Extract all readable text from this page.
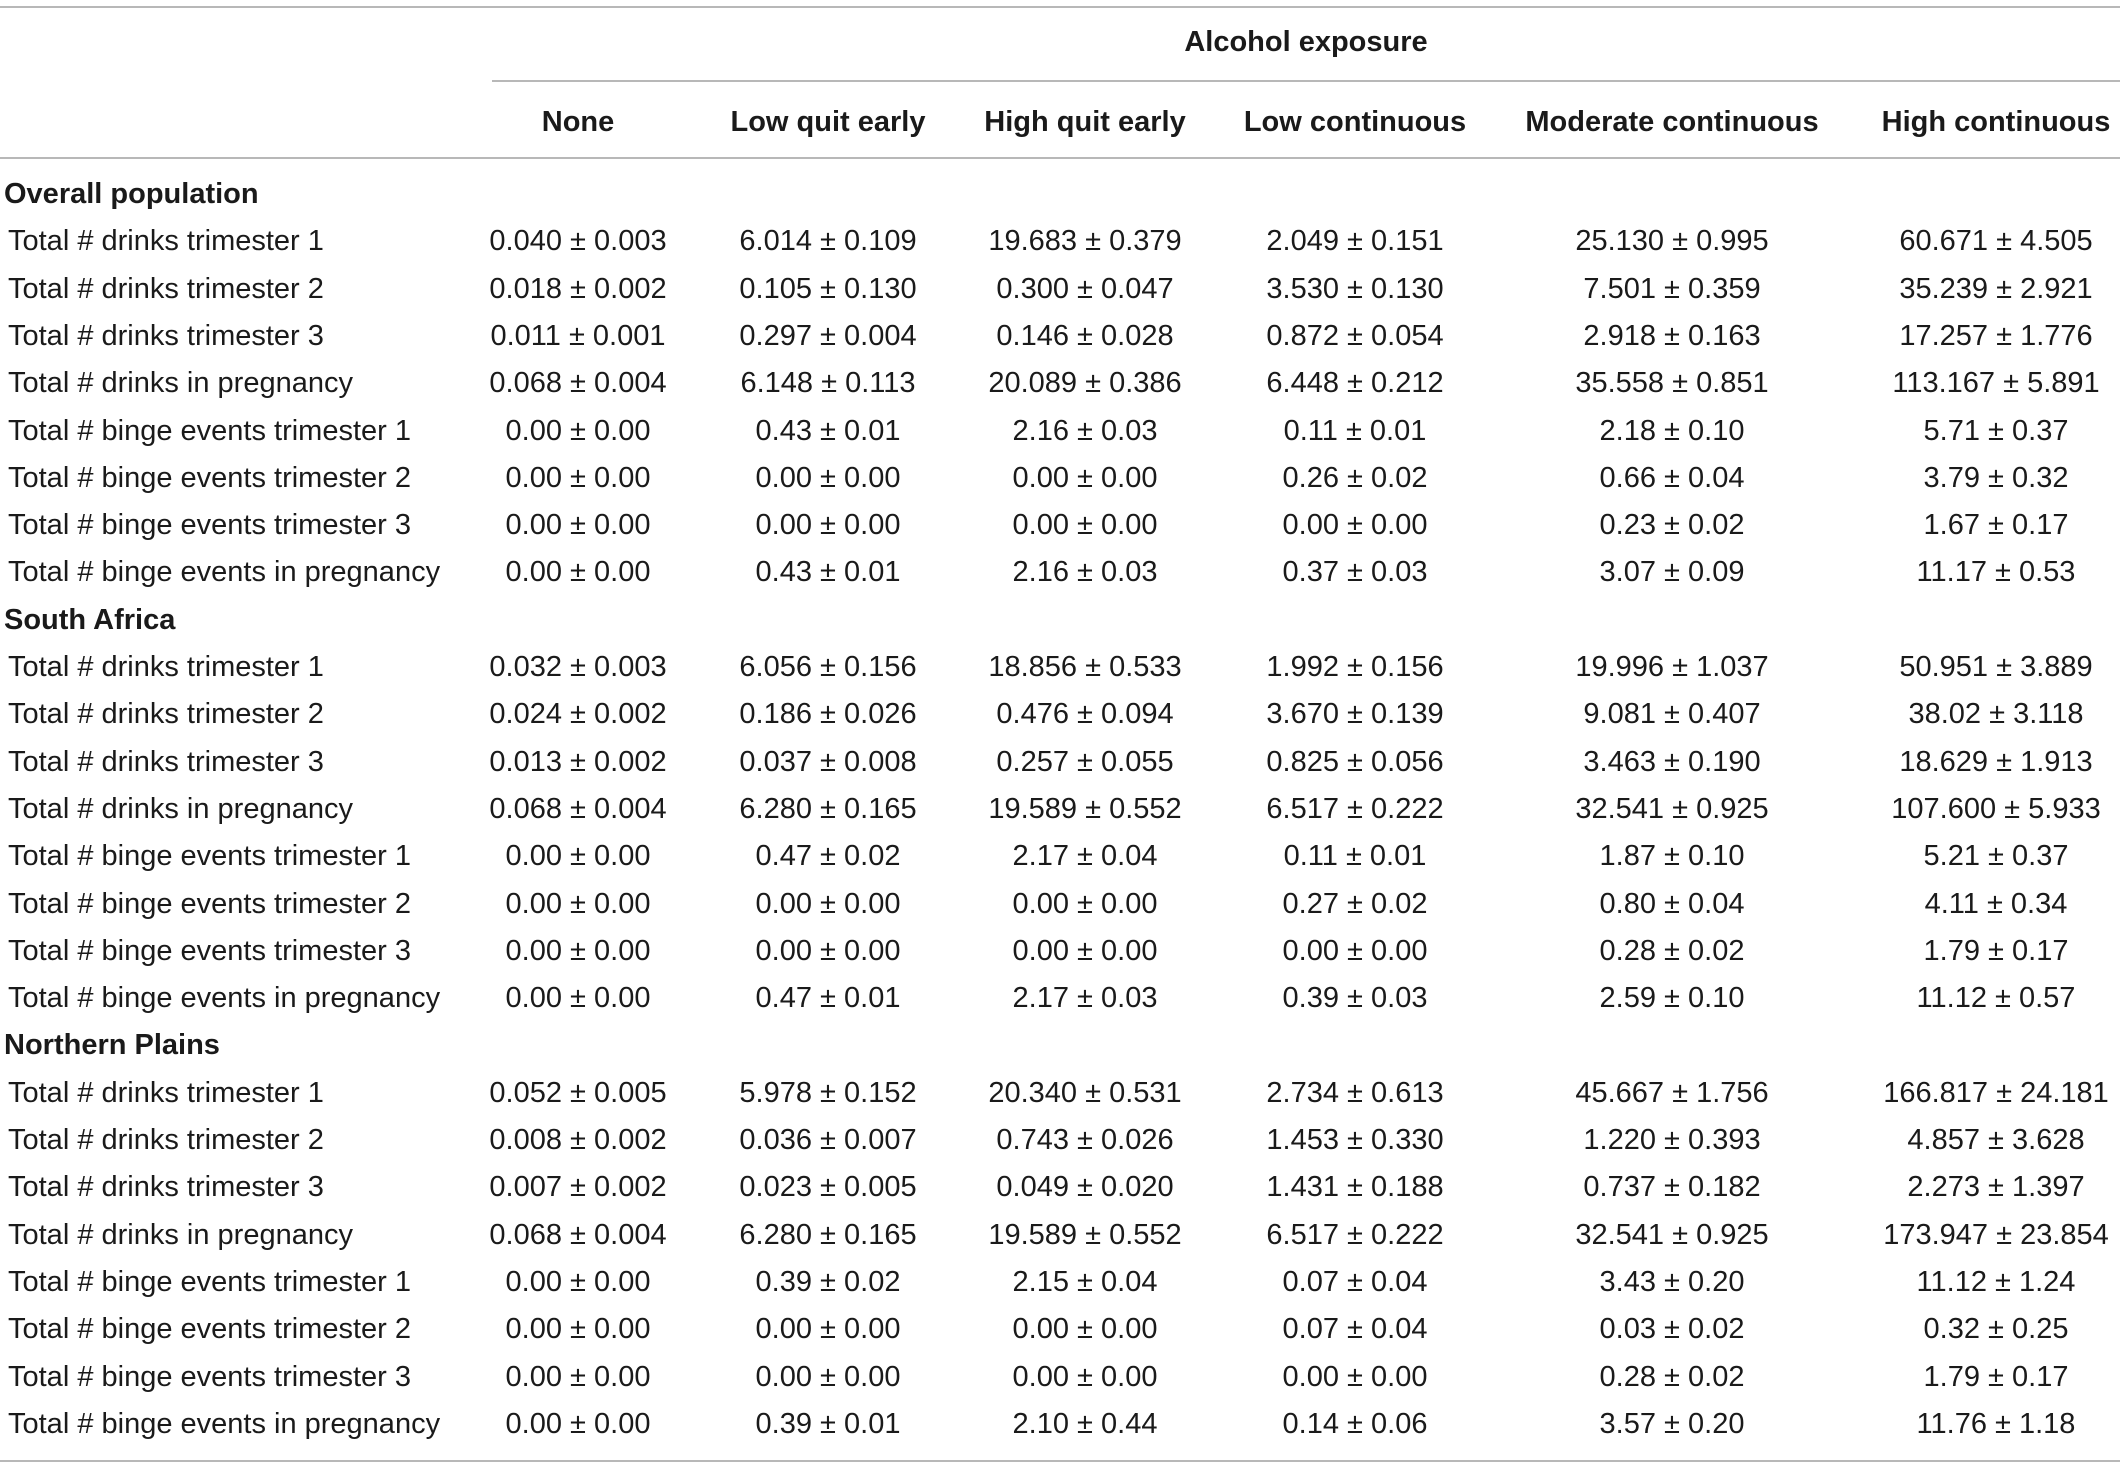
Alcohol exposure
None	Low quit early	High quit early	Low continuous	Moderate continuous	High continuous
Overall population
Total # drinks trimester 1	0.040 ± 0.003	6.014 ± 0.109	19.683 ± 0.379	2.049 ± 0.151	25.130 ± 0.995	60.671 ± 4.505
Total # drinks trimester 2	0.018 ± 0.002	0.105 ± 0.130	0.300 ± 0.047	3.530 ± 0.130	7.501 ± 0.359	35.239 ± 2.921
Total # drinks trimester 3	0.011 ± 0.001	0.297 ± 0.004	0.146 ± 0.028	0.872 ± 0.054	2.918 ± 0.163	17.257 ± 1.776
Total # drinks in pregnancy	0.068 ± 0.004	6.148 ± 0.113	20.089 ± 0.386	6.448 ± 0.212	35.558 ± 0.851	113.167 ± 5.891
Total # binge events trimester 1	0.00 ± 0.00	0.43 ± 0.01	2.16 ± 0.03	0.11 ± 0.01	2.18 ± 0.10	5.71 ± 0.37
Total # binge events trimester 2	0.00 ± 0.00	0.00 ± 0.00	0.00 ± 0.00	0.26 ± 0.02	0.66 ± 0.04	3.79 ± 0.32
Total # binge events trimester 3	0.00 ± 0.00	0.00 ± 0.00	0.00 ± 0.00	0.00 ± 0.00	0.23 ± 0.02	1.67 ± 0.17
Total # binge events in pregnancy	0.00 ± 0.00	0.43 ± 0.01	2.16 ± 0.03	0.37 ± 0.03	3.07 ± 0.09	11.17 ± 0.53
South Africa
Total # drinks trimester 1	0.032 ± 0.003	6.056 ± 0.156	18.856 ± 0.533	1.992 ± 0.156	19.996 ± 1.037	50.951 ± 3.889
Total # drinks trimester 2	0.024 ± 0.002	0.186 ± 0.026	0.476 ± 0.094	3.670 ± 0.139	9.081 ± 0.407	38.02 ± 3.118
Total # drinks trimester 3	0.013 ± 0.002	0.037 ± 0.008	0.257 ± 0.055	0.825 ± 0.056	3.463 ± 0.190	18.629 ± 1.913
Total # drinks in pregnancy	0.068 ± 0.004	6.280 ± 0.165	19.589 ± 0.552	6.517 ± 0.222	32.541 ± 0.925	107.600 ± 5.933
Total # binge events trimester 1	0.00 ± 0.00	0.47 ± 0.02	2.17 ± 0.04	0.11 ± 0.01	1.87 ± 0.10	5.21 ± 0.37
Total # binge events trimester 2	0.00 ± 0.00	0.00 ± 0.00	0.00 ± 0.00	0.27 ± 0.02	0.80 ± 0.04	4.11 ± 0.34
Total # binge events trimester 3	0.00 ± 0.00	0.00 ± 0.00	0.00 ± 0.00	0.00 ± 0.00	0.28 ± 0.02	1.79 ± 0.17
Total # binge events in pregnancy	0.00 ± 0.00	0.47 ± 0.01	2.17 ± 0.03	0.39 ± 0.03	2.59 ± 0.10	11.12 ± 0.57
Northern Plains
Total # drinks trimester 1	0.052 ± 0.005	5.978 ± 0.152	20.340 ± 0.531	2.734 ± 0.613	45.667 ± 1.756	166.817 ± 24.181
Total # drinks trimester 2	0.008 ± 0.002	0.036 ± 0.007	0.743 ± 0.026	1.453 ± 0.330	1.220 ± 0.393	4.857 ± 3.628
Total # drinks trimester 3	0.007 ± 0.002	0.023 ± 0.005	0.049 ± 0.020	1.431 ± 0.188	0.737 ± 0.182	2.273 ± 1.397
Total # drinks in pregnancy	0.068 ± 0.004	6.280 ± 0.165	19.589 ± 0.552	6.517 ± 0.222	32.541 ± 0.925	173.947 ± 23.854
Total # binge events trimester 1	0.00 ± 0.00	0.39 ± 0.02	2.15 ± 0.04	0.07 ± 0.04	3.43 ± 0.20	11.12 ± 1.24
Total # binge events trimester 2	0.00 ± 0.00	0.00 ± 0.00	0.00 ± 0.00	0.07 ± 0.04	0.03 ± 0.02	0.32 ± 0.25
Total # binge events trimester 3	0.00 ± 0.00	0.00 ± 0.00	0.00 ± 0.00	0.00 ± 0.00	0.28 ± 0.02	1.79 ± 0.17
Total # binge events in pregnancy	0.00 ± 0.00	0.39 ± 0.01	2.10 ± 0.44	0.14 ± 0.06	3.57 ± 0.20	11.76 ± 1.18
